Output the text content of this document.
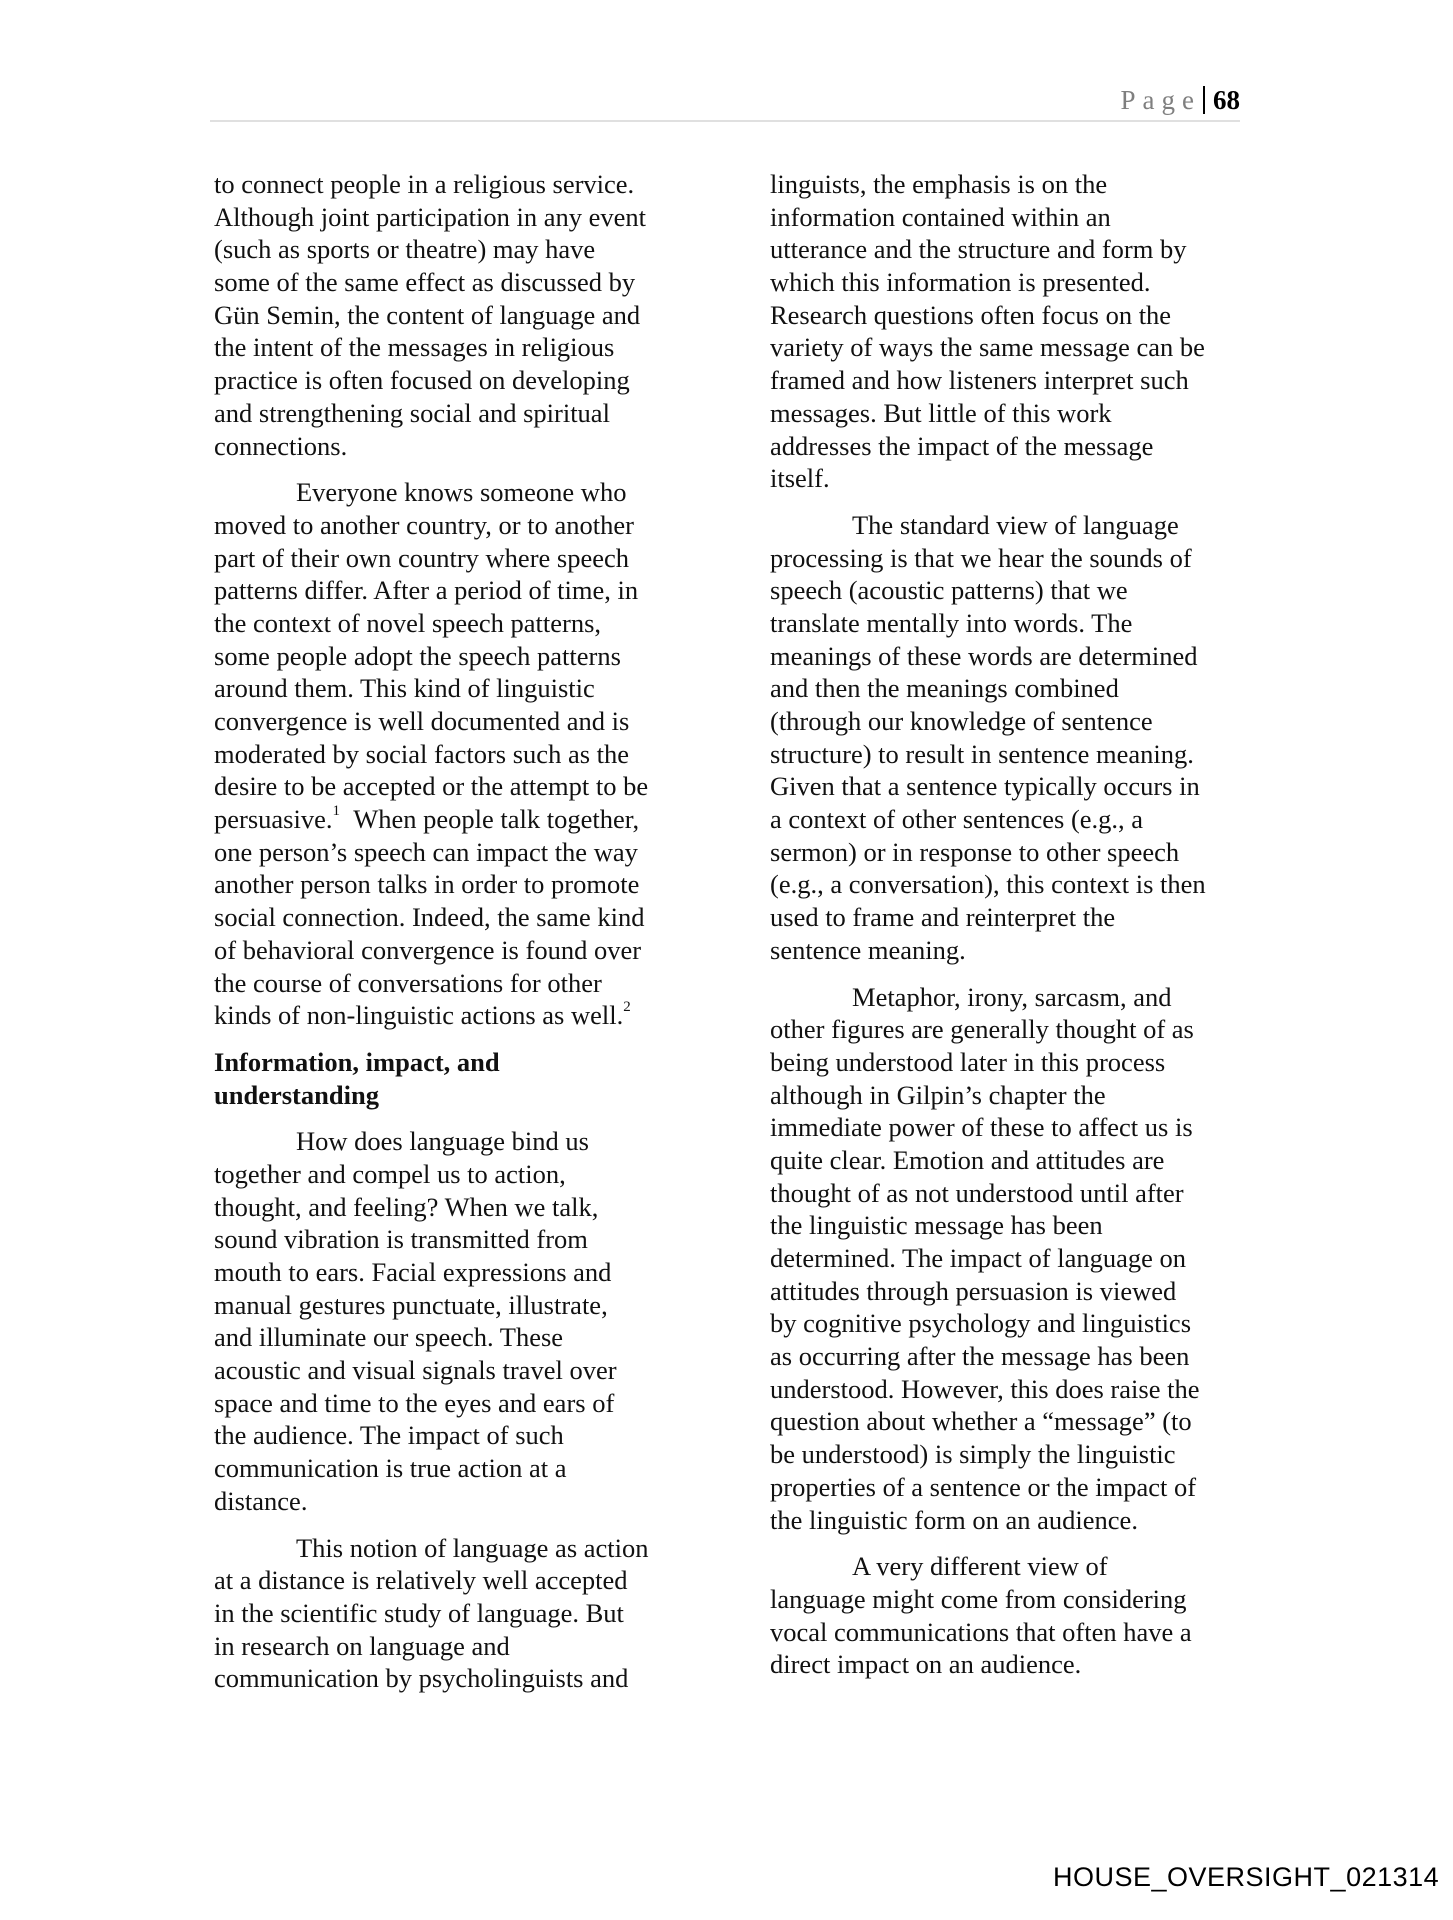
Page 68
to connect people in a religious service.
Although joint participation in any event
(such as sports or theatre) may have
some of the same effect as discussed by
Gün Semin, the content of language and
the intent of the messages in religious
practice is often focused on developing
and strengthening social and spiritual
connections.
Everyone knows someone who
moved to another country, or to another
part of their own country where speech
patterns differ. After a period of time, in
the context of novel speech patterns,
some people adopt the speech patterns
around them. This kind of linguistic
convergence is well documented and is
moderated by social factors such as the
desire to be accepted or the attempt to be
persuasive.$^1$ When people talk together,
one person’s speech can impact the way
another person talks in order to promote
social connection. Indeed, the same kind
of behavioral convergence is found over
the course of conversations for other
kinds of non-linguistic actions as well.$^2$
Information, impact, and
understanding
How does language bind us
together and compel us to action,
thought, and feeling? When we talk,
sound vibration is transmitted from
mouth to ears. Facial expressions and
manual gestures punctuate, illustrate,
and illuminate our speech. These
acoustic and visual signals travel over
space and time to the eyes and ears of
the audience. The impact of such
communication is true action at a
distance.
This notion of language as action
at a distance is relatively well accepted
in the scientific study of language. But
in research on language and
communication by psycholinguists and
linguists, the emphasis is on the
information contained within an
utterance and the structure and form by
which this information is presented.
Research questions often focus on the
variety of ways the same message can be
framed and how listeners interpret such
messages. But little of this work
addresses the impact of the message
itself.
The standard view of language
processing is that we hear the sounds of
speech (acoustic patterns) that we
translate mentally into words. The
meanings of these words are determined
and then the meanings combined
(through our knowledge of sentence
structure) to result in sentence meaning.
Given that a sentence typically occurs in
a context of other sentences (e.g., a
sermon) or in response to other speech
(e.g., a conversation), this context is then
used to frame and reinterpret the
sentence meaning.
Metaphor, irony, sarcasm, and
other figures are generally thought of as
being understood later in this process
although in Gilpin’s chapter the
immediate power of these to affect us is
quite clear. Emotion and attitudes are
thought of as not understood until after
the linguistic message has been
determined. The impact of language on
attitudes through persuasion is viewed
by cognitive psychology and linguistics
as occurring after the message has been
understood. However, this does raise the
question about whether a “message” (to
be understood) is simply the linguistic
properties of a sentence or the impact of
the linguistic form on an audience.
A very different view of
language might come from considering
vocal communications that often have a
direct impact on an audience.
HOUSE_OVERSIGHT_021314
